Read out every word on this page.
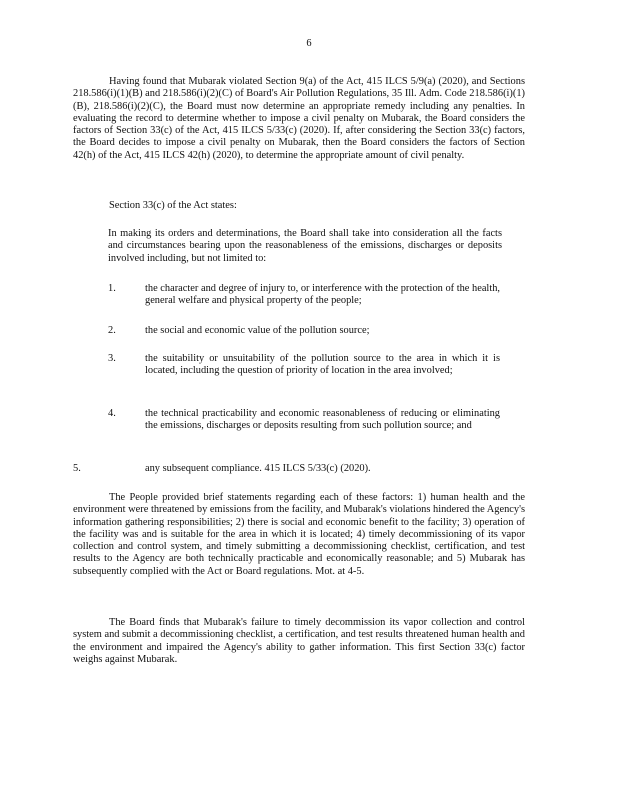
6
Having found that Mubarak violated Section 9(a) of the Act, 415 ILCS 5/9(a) (2020), and Sections 218.586(i)(1)(B) and 218.586(i)(2)(C) of Board's Air Pollution Regulations, 35 Ill. Adm. Code 218.586(i)(1)(B), 218.586(i)(2)(C), the Board must now determine an appropriate remedy including any penalties. In evaluating the record to determine whether to impose a civil penalty on Mubarak, the Board considers the factors of Section 33(c) of the Act, 415 ILCS 5/33(c) (2020). If, after considering the Section 33(c) factors, the Board decides to impose a civil penalty on Mubarak, then the Board considers the factors of Section 42(h) of the Act, 415 ILCS 42(h) (2020), to determine the appropriate amount of civil penalty.
Section 33(c) of the Act states:
In making its orders and determinations, the Board shall take into consideration all the facts and circumstances bearing upon the reasonableness of the emissions, discharges or deposits involved including, but not limited to:
1.	the character and degree of injury to, or interference with the protection of the health, general welfare and physical property of the people;
2.	the social and economic value of the pollution source;
3.	the suitability or unsuitability of the pollution source to the area in which it is located, including the question of priority of location in the area involved;
4.	the technical practicability and economic reasonableness of reducing or eliminating the emissions, discharges or deposits resulting from such pollution source; and
5.	any subsequent compliance. 415 ILCS 5/33(c) (2020).
The People provided brief statements regarding each of these factors: 1) human health and the environment were threatened by emissions from the facility, and Mubarak's violations hindered the Agency's information gathering responsibilities; 2) there is social and economic benefit to the facility; 3) operation of the facility was and is suitable for the area in which it is located; 4) timely decommissioning of its vapor collection and control system, and timely submitting a decommissioning checklist, certification, and test results to the Agency are both technically practicable and economically reasonable; and 5) Mubarak has subsequently complied with the Act or Board regulations. Mot. at 4-5.
The Board finds that Mubarak's failure to timely decommission its vapor collection and control system and submit a decommissioning checklist, a certification, and test results threatened human health and the environment and impaired the Agency's ability to gather information. This first Section 33(c) factor weighs against Mubarak.
